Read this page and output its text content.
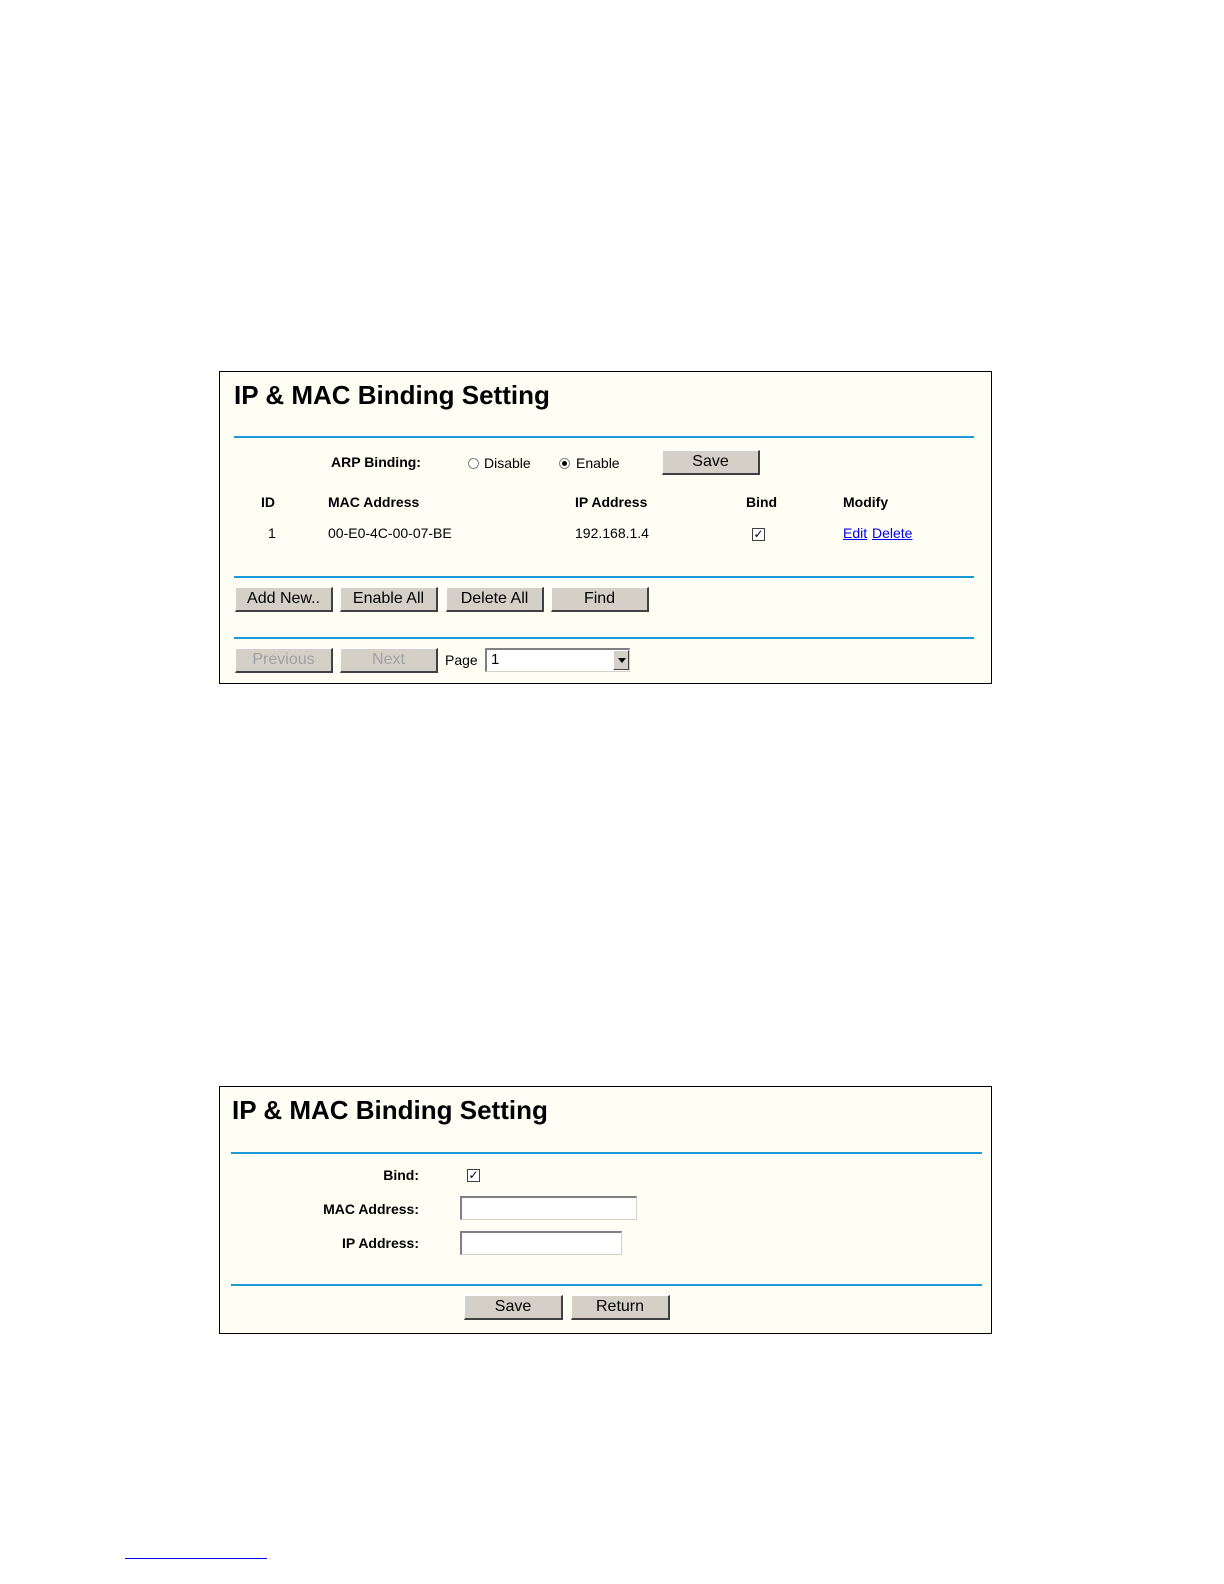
IP & MAC Binding Setting
ARP Binding:	Disable	Enable	Save
ID	MAC Address	IP Address	Bind	Modify
1	00-E0-4C-00-07-BE	192.168.1.4	✓	Edit Delete
Add New..	Enable All	Delete All	Find
Previous	Next	Page 1
IP & MAC Binding Setting
Bind:	✓
MAC Address:
IP Address:
Save	Return
